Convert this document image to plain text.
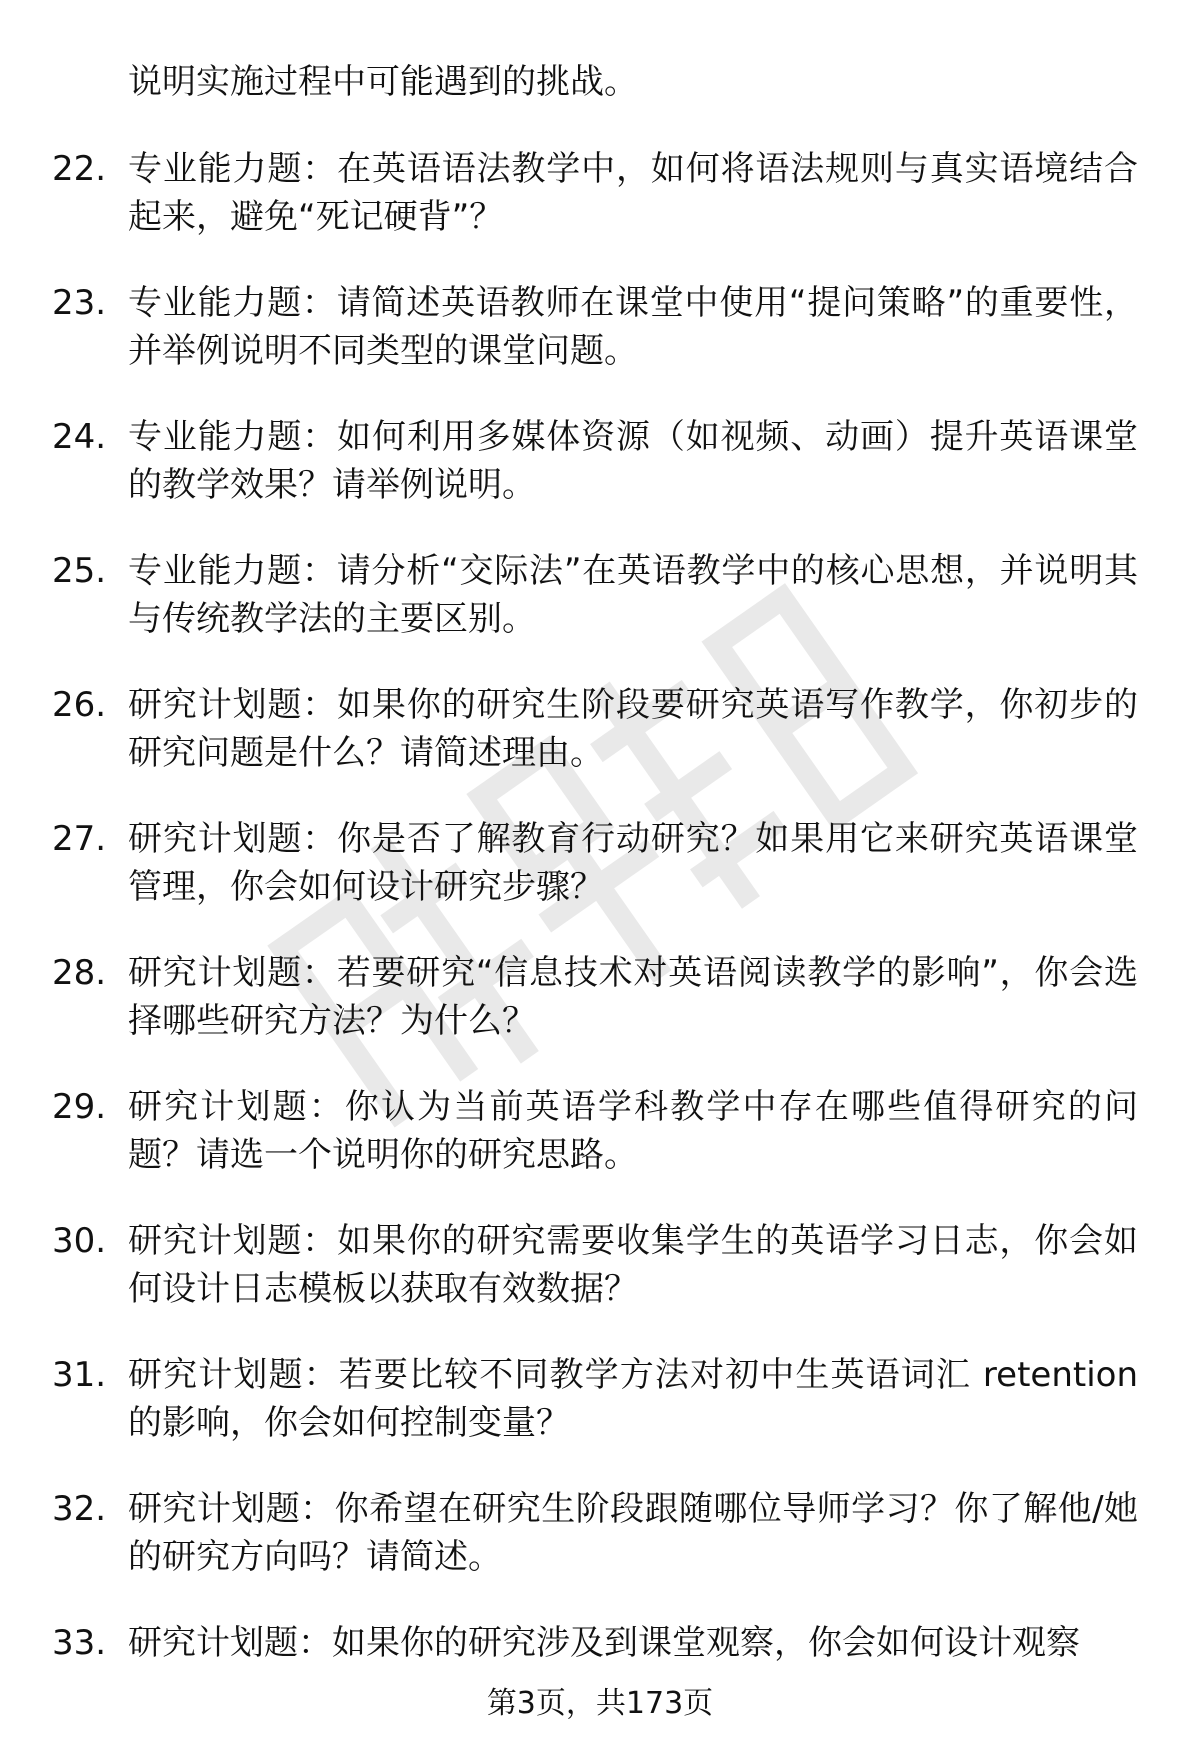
说明实施过程中可能遇到的挑战。
22. 专业能力题：在英语语法教学中，如何将语法规则与真实语境结合起来，避免“死记硬背”？
23. 专业能力题：请简述英语教师在课堂中使用“提问策略”的重要性，并举例说明不同类型的课堂问题。
24. 专业能力题：如何利用多媒体资源（如视频、动画）提升英语课堂的教学效果？请举例说明。
25. 专业能力题：请分析“交际法”在英语教学中的核心思想，并说明其与传统教学法的主要区别。
26. 研究计划题：如果你的研究生阶段要研究英语写作教学，你初步的研究问题是什么？请简述理由。
27. 研究计划题：你是否了解教育行动研究？如果用它来研究英语课堂管理，你会如何设计研究步骤？
28. 研究计划题：若要研究“信息技术对英语阅读教学的影响”，你会选择哪些研究方法？为什么？
29. 研究计划题：你认为当前英语学科教学中存在哪些值得研究的问题？请选一个说明你的研究思路。
30. 研究计划题：如果你的研究需要收集学生的英语学习日志，你会如何设计日志模板以获取有效数据？
31. 研究计划题：若要比较不同教学方法对初中生英语词汇 retention 的影响，你会如何控制变量？
32. 研究计划题：你希望在研究生阶段跟随哪位导师学习？你了解他/她的研究方向吗？请简述。
33. 研究计划题：如果你的研究涉及到课堂观察，你会如何设计观察
第3页，共173页
